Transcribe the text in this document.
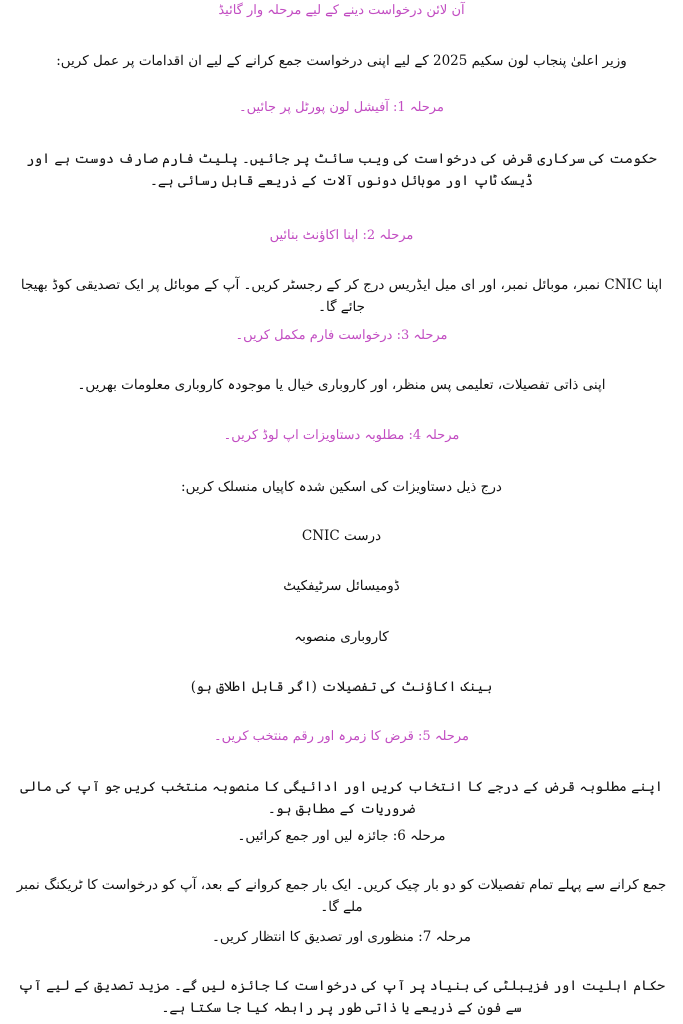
آن لائن درخواست دینے کے لیے مرحلہ وار گائیڈ
وزیر اعلیٰ پنجاب لون سکیم 2025 کے لیے اپنی درخواست جمع کرانے کے لیے ان اقدامات پر عمل کریں:
مرحلہ 1: آفیشل لون پورٹل پر جائیں۔
حکومت کی سرکاری قرض کی درخواست کی ویب سائٹ پر جائیں۔ پلیٹ فارم صارف دوست ہے اور ڈیسک ٹاپ اور موبائل دونوں آلات کے ذریعے قابل رسائی ہے۔
مرحلہ 2: اپنا اکاؤنٹ بنائیں
اپنا CNIC نمبر، موبائل نمبر، اور ای میل ایڈریس درج کر کے رجسٹر کریں۔ آپ کے موبائل پر ایک تصدیقی کوڈ بھیجا جائے گا۔
مرحلہ 3: درخواست فارم مکمل کریں۔
اپنی ذاتی تفصیلات، تعلیمی پس منظر، اور کاروباری خیال یا موجودہ کاروباری معلومات بھریں۔
مرحلہ 4: مطلوبہ دستاویزات اپ لوڈ کریں۔
درج ذیل دستاویزات کی اسکین شدہ کاپیاں منسلک کریں:
درست CNIC
ڈومیسائل سرٹیفکیٹ
کاروباری منصوبہ
بینک اکاؤنٹ کی تفصیلات (اگر قابل اطلاق ہو)
مرحلہ 5: قرض کا زمرہ اور رقم منتخب کریں۔
اپنے مطلوبہ قرض کے درجے کا انتخاب کریں اور ادائیگی کا منصوبہ منتخب کریں جو آپ کی مالی ضروریات کے مطابق ہو۔
مرحلہ 6: جائزہ لیں اور جمع کرائیں۔
جمع کرانے سے پہلے تمام تفصیلات کو دو بار چیک کریں۔ ایک بار جمع کروانے کے بعد، آپ کو درخواست کا ٹریکنگ نمبر ملے گا۔
مرحلہ 7: منظوری اور تصدیق کا انتظار کریں۔
حکام اہلیت اور فزیبلٹی کی بنیاد پر آپ کی درخواست کا جائزہ لیں گے۔ مزید تصدیق کے لیے آپ سے فون کے ذریعے یا ذاتی طور پر رابطہ کیا جا سکتا ہے۔
